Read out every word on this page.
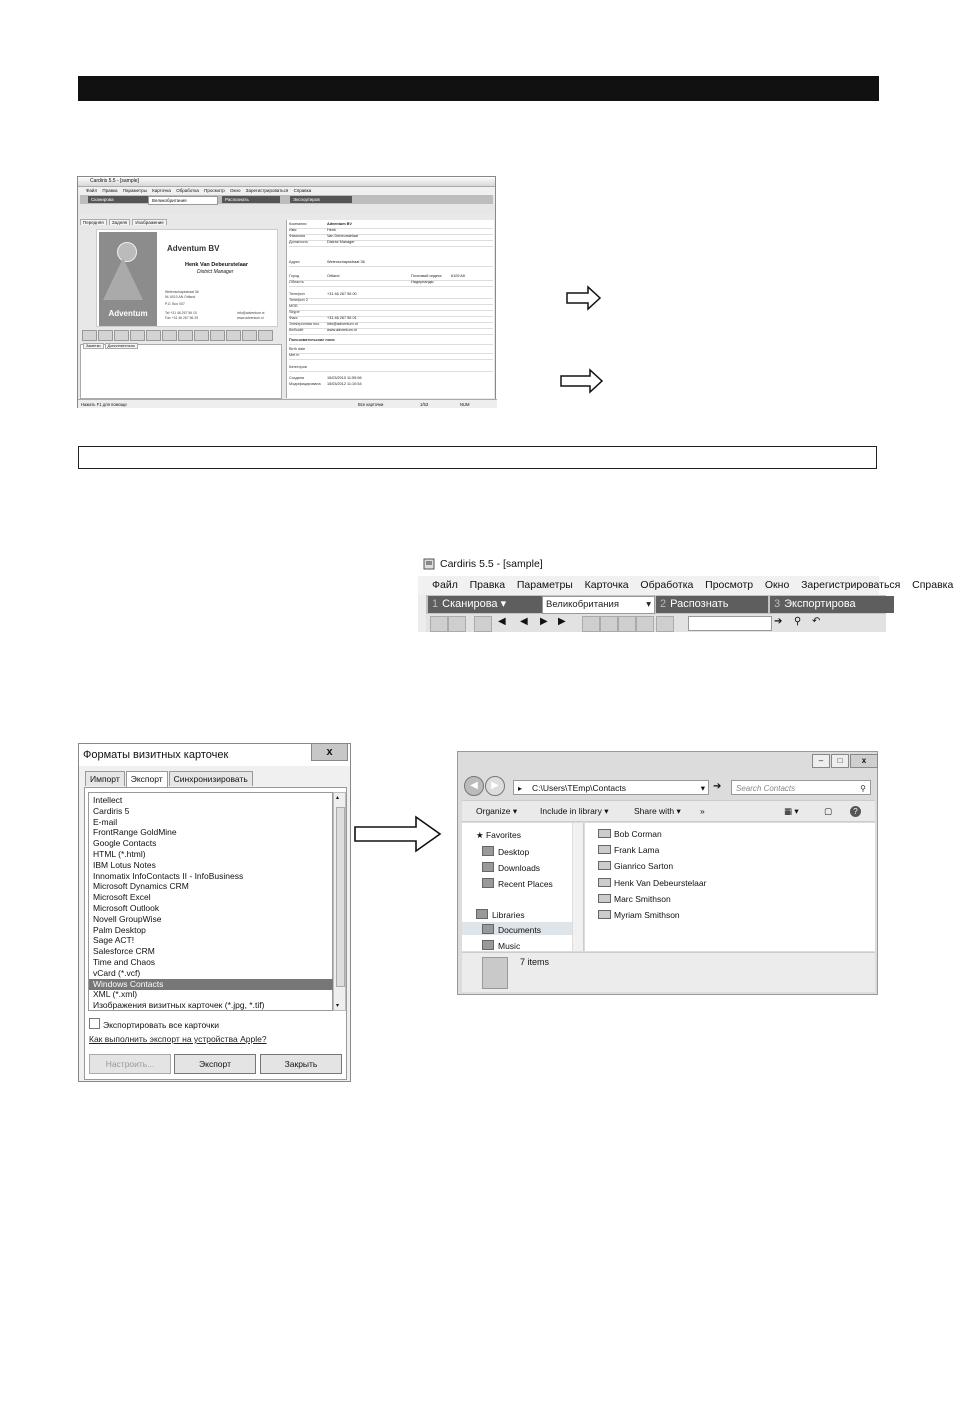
Cardiris 5.5 - [sample]
Файл Правка Параметры Карточка Обработка Просмотр Окно Зарегистрироваться Справка
Сканирова	Великобритания	Распознать	Экспортиров
Передняя Задняя Изображение
Adventum
Adventum BV
Henk Van Debeurstelaar
District Manager
Wetenschapsstraat 36
NL 6010 AN Ortland
P.O. Box 007
Tel +31 46 267 56 10
Fax +31 46 267 56 29
info@adventum.nl
www.adventum.nl
Заметки Дополнительно
Компания	Adventum BV
Имя	Henk
Фамилия	Van Debeurstelaar
Должность	District Manager
Адрес	Wetenschapsstraat 36
Город	Ortland	Почтовый индекс 6109 AK
Область	Нидерланды
Телефон	+31 46 267 56 00
Телефон 2
МОБ
Skype
Факс	+31 46 267 56 01
Электронная поч. info@adventum.nl
Вебсайт	www.adventum.nl
Пользовательские поля
Birth date
Met in
Категории
Создана	15/03/2010 11:55:56
Модифицирована 15/03/2012 11:10:54
Нажать F1 для помощи	Все карточки	1/53	NUM
Cardiris 5.5 - [sample]
Файл Правка Параметры Карточка Обработка Просмотр Окно Зарегистрироваться Справка
1 Сканирова ▾	Великобритания	▾ 2 Распознать	3 Экспортирова
◀	◀	▶	▶	➔	⚲	↶
Форматы визитных карточек	x
Импорт Экспорт Синхронизировать
Intellect
Cardiris 5
E-mail
FrontRange GoldMine
Google Contacts
HTML (*.html)
IBM Lotus Notes
Innomatix InfoContacts II - InfoBusiness
Microsoft Dynamics CRM
Microsoft Excel
Microsoft Outlook
Novell GroupWise
Palm Desktop
Sage ACT!
Salesforce CRM
Time and Chaos
vCard (*.vcf)
Windows Contacts
XML (*.xml)
Изображения визитных карточек (*.jpg, *.tif)
▴
▾
Экспортировать все карточки
Как выполнить экспорт на устройства Apple?
Настроить...	Экспорт	Закрыть
– □ x
◀	▶	▸ C:\Users\TEmp\Contacts	▾ ➔	Search Contacts	⚲
Organize ▾	Include in library ▾	Share with ▾ »	▦ ▾	▢	?
★ Favorites
Desktop
Downloads
Recent Places
Libraries
Documents
Music
Bob Corman
Frank Lama
Gianrico Sarton
Henk Van Debeurstelaar
Marc Smithson
Myriam Smithson
7 items
